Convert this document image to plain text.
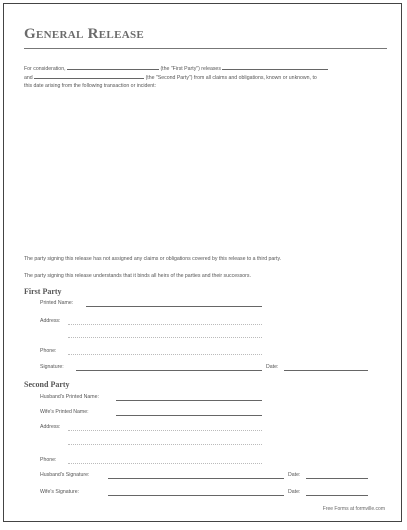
General Release
For consideration,	(the "First Party") releases
and	(the "Second Party") from all claims and obligations, known or unknown, to
this date arising from the following transaction or incident:
The party signing this release has not assigned any claims or obligations covered by this release to a third party.
The party signing this release understands that it binds all heirs of the parties and their successors.
First Party
Printed Name:
Address:
Phone:
Signature:	Date:
Second Party
Husband's Printed Name:
Wife's Printed Name:
Address:
Phone:
Husband's Signature:	Date:
Wife's Signature:	Date:
Free Forms at formville.com
